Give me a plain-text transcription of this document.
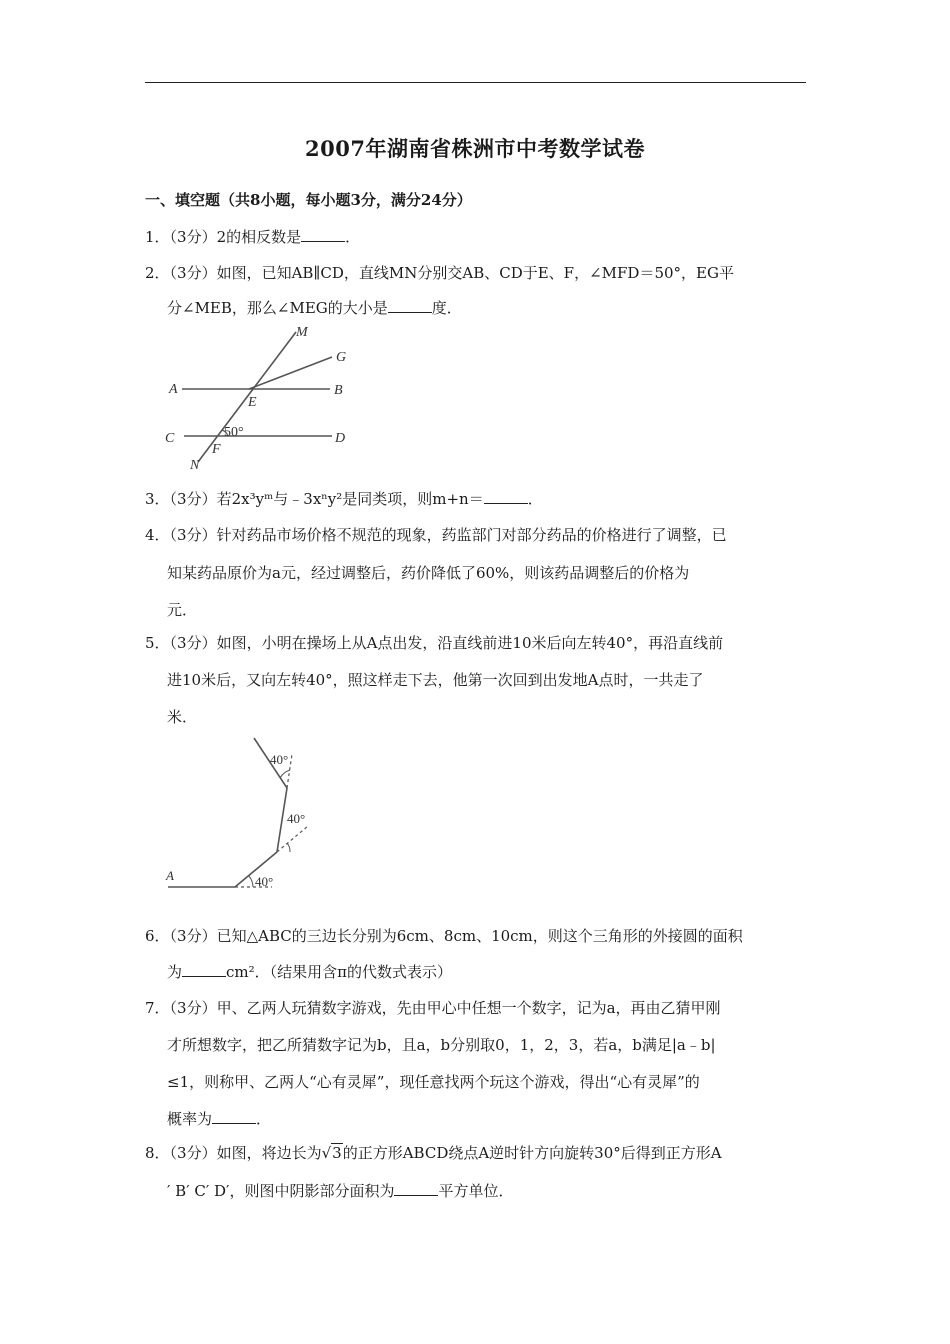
2007年湖南省株洲市中考数学试卷
一、填空题（共8小题，每小题3分，满分24分）
1．（3分）2的相反数是	．
2．（3分）如图，已知AB∥CD，直线MN分别交AB、CD于E、F，∠MFD＝50°，EG平
分∠MEB，那么∠MEG的大小是	度．
M
G
A	B
E
C	50°	D
F
N
3．（3分）若2x³yᵐ与﹣3xⁿy²是同类项，则m+n＝	．
4．（3分）针对药品市场价格不规范的现象，药监部门对部分药品的价格进行了调整，已
知某药品原价为a元，经过调整后，药价降低了60%，则该药品调整后的价格为
元．
5．（3分）如图，小明在操场上从A点出发，沿直线前进10米后向左转40°，再沿直线前
进10米后，又向左转40°，照这样走下去，他第一次回到出发地A点时，一共走了
米．
40°
40°
A	40°
6．（3分）已知△ABC的三边长分别为6cm、8cm、10cm，则这个三角形的外接圆的面积
为	cm²．（结果用含π的代数式表示）
7．（3分）甲、乙两人玩猜数字游戏，先由甲心中任想一个数字，记为a，再由乙猜甲刚
才所想数字，把乙所猜数字记为b，且a，b分别取0，1，2，3，若a，b满足|a﹣b|
≤1，则称甲、乙两人“心有灵犀”，现任意找两个玩这个游戏，得出“心有灵犀”的
概率为	．
8．（3分）如图，将边长为√3的正方形ABCD绕点A逆时针方向旋转30°后得到正方形A
′ B′ C′ D′，则图中阴影部分面积为	平方单位．
